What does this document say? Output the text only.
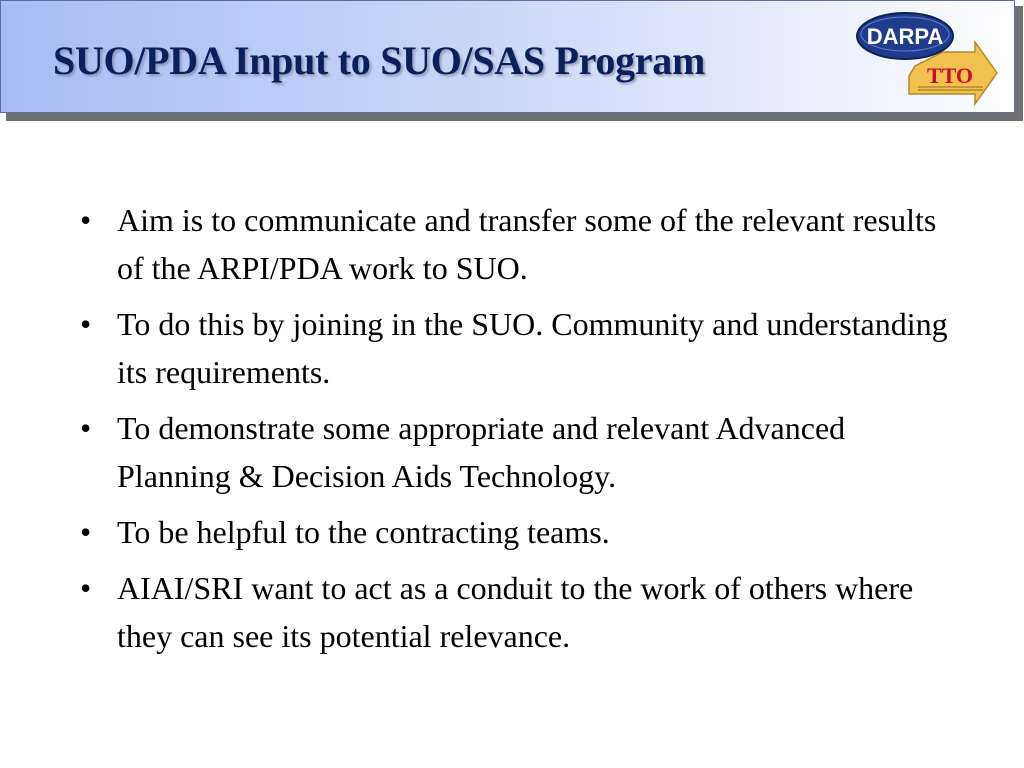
SUO/PDA Input to SUO/SAS Program
DARPA
TTO
• Aim is to communicate and transfer some of the relevant results of the ARPI/PDA work to SUO.
• To do this by joining in the SUO. Community and understanding its requirements.
• To demonstrate some appropriate and relevant Advanced Planning & Decision Aids Technology.
• To be helpful to the contracting teams.
• AIAI/SRI want to act as a conduit to the work of others where they can see its potential relevance.
